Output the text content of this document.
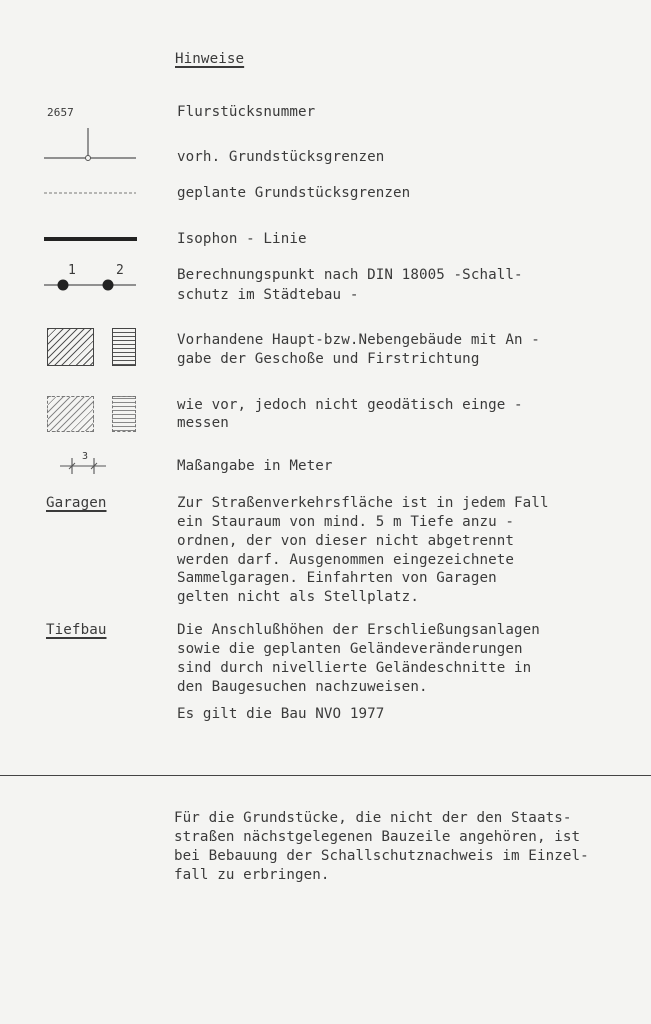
Hinweise
2657	Flurstücksnummer
vorh. Grundstücksgrenzen
geplante Grundstücksgrenzen
Isophon - Linie
1	2	Berechnungspunkt nach DIN 18005 -Schall-
schutz im Städtebau -
Vorhandene Haupt-bzw.Nebengebäude mit An -
gabe der Geschoße und Firstrichtung
wie vor, jedoch nicht geodätisch einge -
messen
3
Maßangabe in Meter
Garagen	Zur Straßenverkehrsfläche ist in jedem Fall
ein Stauraum von mind. 5 m Tiefe anzu -
ordnen, der von dieser nicht abgetrennt
werden darf. Ausgenommen eingezeichnete
Sammelgaragen. Einfahrten von Garagen
gelten nicht als Stellplatz.
Tiefbau	Die Anschlußhöhen der Erschließungsanlagen
sowie die geplanten Geländeveränderungen
sind durch nivellierte Geländeschnitte in
den Baugesuchen nachzuweisen.
Es gilt die Bau NVO 1977
Für die Grundstücke, die nicht der den Staats-
straßen nächstgelegenen Bauzeile angehören, ist
bei Bebauung der Schallschutznachweis im Einzel-
fall zu erbringen.
